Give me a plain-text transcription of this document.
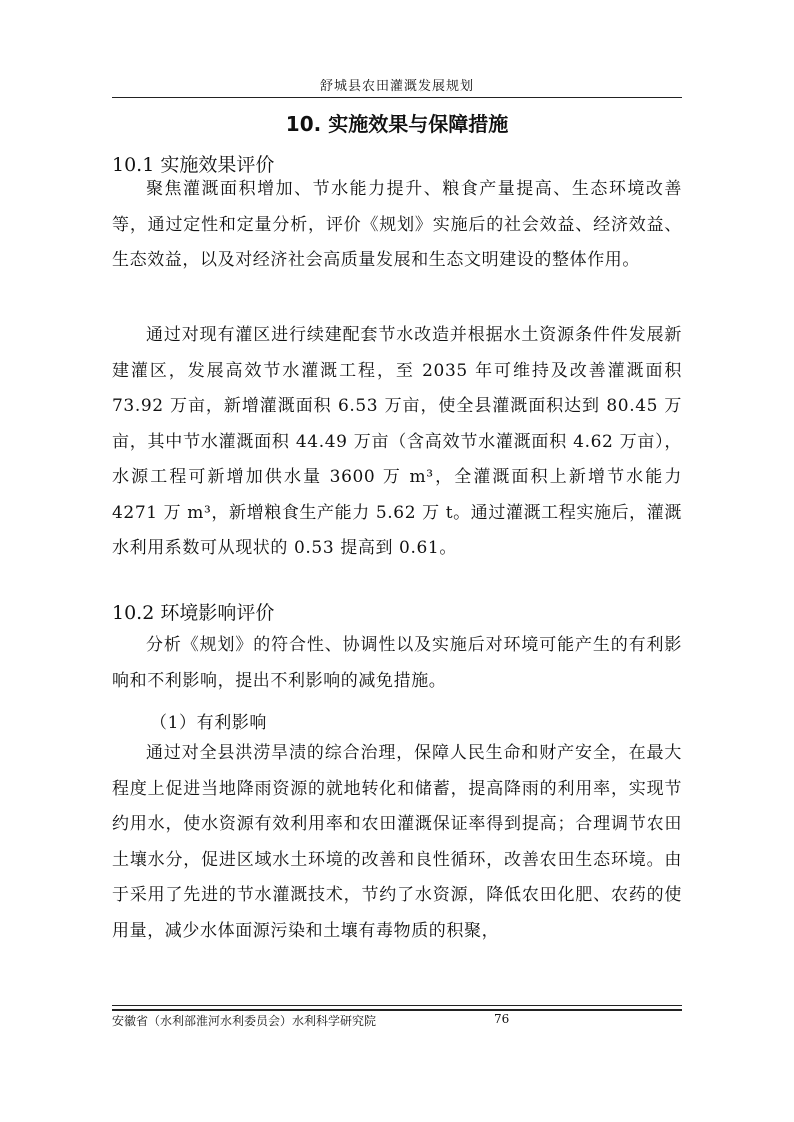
舒城县农田灌溉发展规划
10. 实施效果与保障措施
10.1 实施效果评价
聚焦灌溉面积增加、节水能力提升、粮食产量提高、生态环境改善等，通过定性和定量分析，评价《规划》实施后的社会效益、经济效益、生态效益，以及对经济社会高质量发展和生态文明建设的整体作用。
通过对现有灌区进行续建配套节水改造并根据水土资源条件件发展新建灌区，发展高效节水灌溉工程，至 2035 年可维持及改善灌溉面积 73.92 万亩，新增灌溉面积 6.53 万亩，使全县灌溉面积达到 80.45 万亩，其中节水灌溉面积 44.49 万亩（含高效节水灌溉面积 4.62 万亩），水源工程可新增加供水量 3600 万 m³，全灌溉面积上新增节水能力 4271 万 m³，新增粮食生产能力 5.62 万 t。通过灌溉工程实施后，灌溉水利用系数可从现状的 0.53 提高到 0.61。
10.2 环境影响评价
分析《规划》的符合性、协调性以及实施后对环境可能产生的有利影响和不利影响，提出不利影响的减免措施。
（1）有利影响
通过对全县洪涝旱渍的综合治理，保障人民生命和财产安全，在最大程度上促进当地降雨资源的就地转化和储蓄，提高降雨的利用率，实现节约用水，使水资源有效利用率和农田灌溉保证率得到提高；合理调节农田土壤水分，促进区域水土环境的改善和良性循环，改善农田生态环境。由于采用了先进的节水灌溉技术，节约了水资源，降低农田化肥、农药的使用量，减少水体面源污染和土壤有毒物质的积聚，
安徽省（水利部淮河水利委员会）水利科学研究院	76
